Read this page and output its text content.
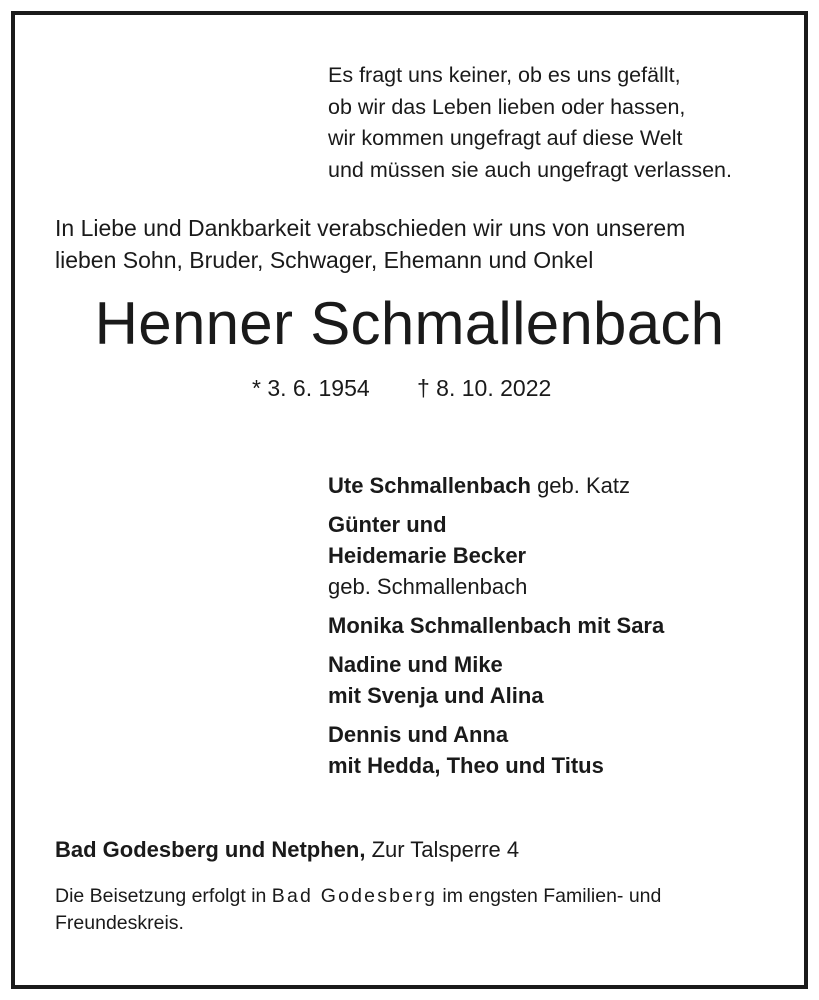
Es fragt uns keiner, ob es uns gefällt,
ob wir das Leben lieben oder hassen,
wir kommen ungefragt auf diese Welt
und müssen sie auch ungefragt verlassen.
In Liebe und Dankbarkeit verabschieden wir uns von unserem
lieben Sohn, Bruder, Schwager, Ehemann und Onkel
Henner Schmallenbach
* 3. 6. 1954 † 8. 10. 2022
Ute Schmallenbach geb. Katz
Günter und
Heidemarie Becker
geb. Schmallenbach
Monika Schmallenbach mit Sara
Nadine und Mike
mit Svenja und Alina
Dennis und Anna
mit Hedda, Theo und Titus
Bad Godesberg und Netphen, Zur Talsperre 4
Die Beisetzung erfolgt in Bad Godesberg im engsten Familien- und
Freundeskreis.
